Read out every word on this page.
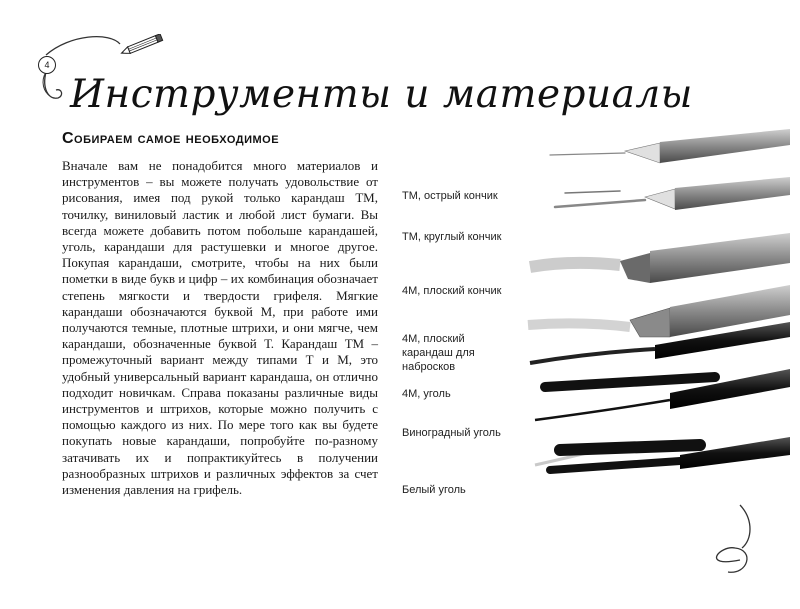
4
Инструменты и материалы
Собираем самое необходимое

Вначале вам не понадобится много материалов и инструментов – вы можете получать удовольствие от рисования, имея под рукой только карандаш ТМ, точилку, виниловый ластик и любой лист бумаги. Вы всегда можете добавить потом побольше карандашей, уголь, карандаши для растушевки и многое другое. Покупая карандаши, смотрите, чтобы на них были пометки в виде букв и цифр – их комбинация обозначает степень мягкости и твердости грифеля. Мягкие карандаши обозначаются буквой М, при работе ими получаются темные, плотные штрихи, и они мягче, чем карандаши, обозначенные буквой Т. Карандаш ТМ – промежуточный вариант между типами Т и М, это удобный универсальный вариант карандаша, он отлично подходит новичкам. Справа показаны различные виды инструментов и штрихов, которые можно получить с помощью каждого из них. По мере того как вы будете покупать новые карандаши, попробуйте по-разному затачивать их и попрактикуйтесь в получении разнообразных штрихов и различных эффектов за счет изменения давления на грифель.

ТМ, острый кончик
ТМ, круглый кончик
4М, плоский кончик
4М, плоский карандаш для набросков
4М, уголь
Виноградный уголь
Белый уголь
